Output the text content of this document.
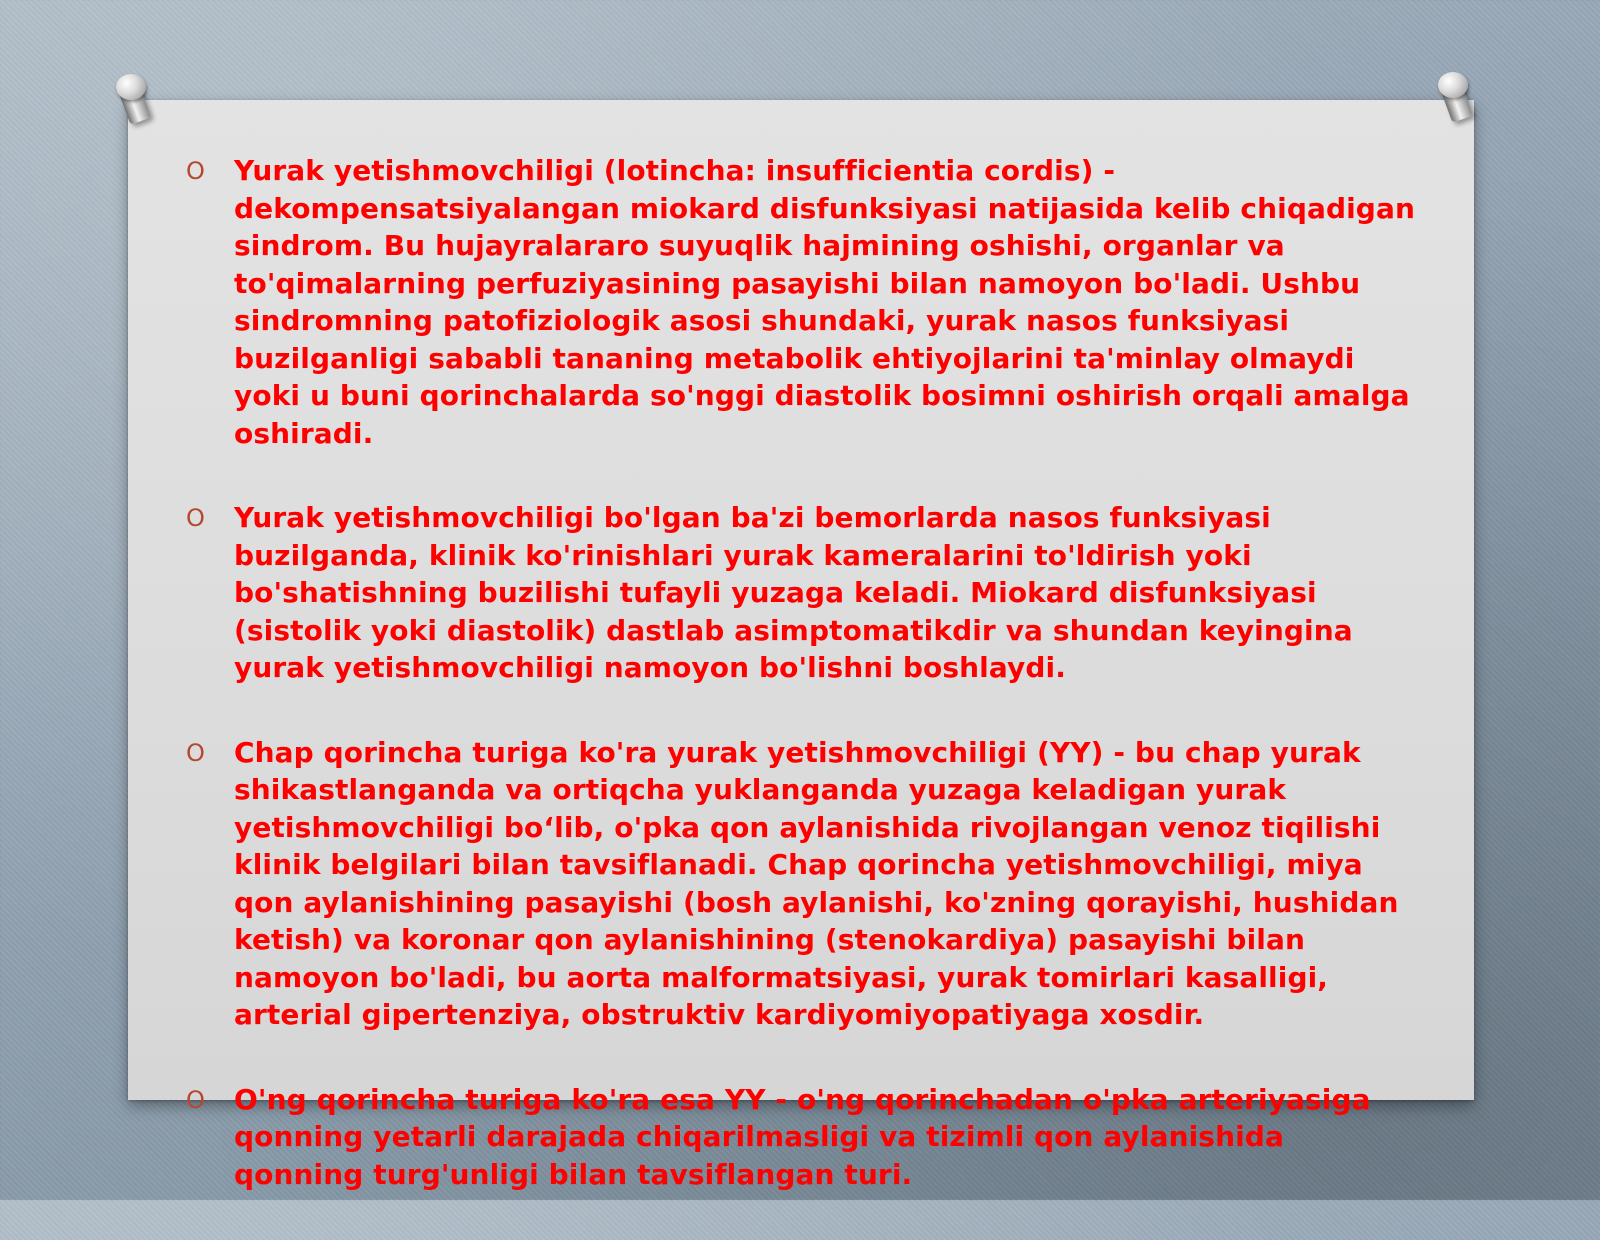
O Yurak yetishmovchiligi (lotincha: insufficientia cordis) - dekompensatsiyalangan miokard disfunksiyasi natijasida kelib chiqadigan sindrom. Bu hujayralararo suyuqlik hajmining oshishi, organlar va to'qimalarning perfuziyasining pasayishi bilan namoyon bo'ladi. Ushbu sindromning patofiziologik asosi shundaki, yurak nasos funksiyasi buzilganligi sababli tananing metabolik ehtiyojlarini ta'minlay olmaydi yoki u buni qorinchalarda so'nggi diastolik bosimni oshirish orqali amalga oshiradi.
O Yurak yetishmovchiligi bo'lgan ba'zi bemorlarda nasos funksiyasi buzilganda, klinik ko'rinishlari yurak kameralarini to'ldirish yoki bo'shatishning buzilishi tufayli yuzaga keladi. Miokard disfunksiyasi (sistolik yoki diastolik) dastlab asimptomatikdir va shundan keyingina yurak yetishmovchiligi namoyon bo'lishni boshlaydi.
O Chap qorincha turiga ko'ra yurak yetishmovchiligi (YY) - bu chap yurak shikastlanganda va ortiqcha yuklanganda yuzaga keladigan yurak yetishmovchiligi bo‘lib, o'pka qon aylanishida rivojlangan venoz tiqilishi klinik belgilari bilan tavsiflanadi. Chap qorincha yetishmovchiligi, miya qon aylanishining pasayishi (bosh aylanishi, ko'zning qorayishi, hushidan ketish) va koronar qon aylanishining (stenokardiya) pasayishi bilan namoyon bo'ladi, bu aorta malformatsiyasi, yurak tomirlari kasalligi, arterial gipertenziya, obstruktiv kardiyomiyopatiyaga xosdir.
O O'ng qorincha turiga ko'ra esa YY - o'ng qorinchadan o'pka arteriyasiga qonning yetarli darajada chiqarilmasligi va tizimli qon aylanishida qonning turg'unligi bilan tavsiflangan turi.
